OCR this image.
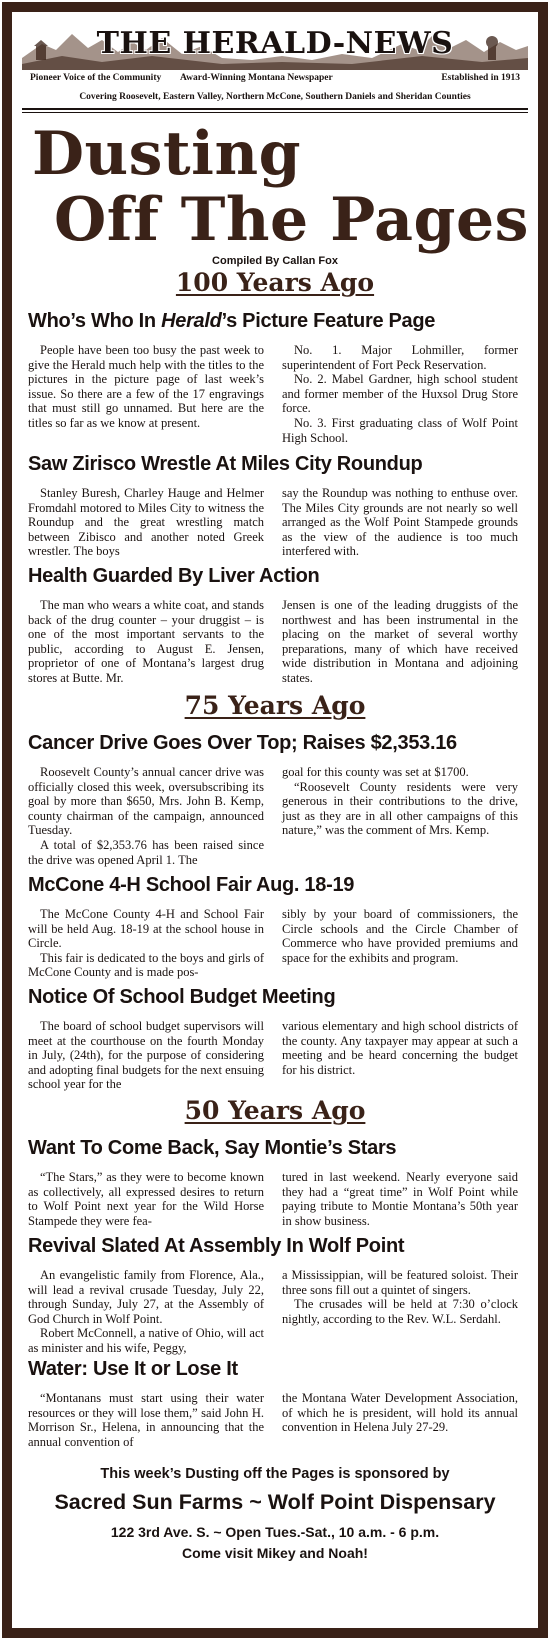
THE HERALD-NEWS
Pioneer Voice of the Community Award-Winning Montana Newspaper	Established in 1913
Covering Roosevelt, Eastern Valley, Northern McCone, Southern Daniels and Sheridan Counties
Dusting
Off The Pages
Compiled By Callan Fox
100 Years Ago
Who’s Who In Herald’s Picture Feature Page

People have been too busy the past week to give the Herald much help with the titles to the pictures in the picture page of last week’s issue. So there are a few of the 17 engravings that must still go unnamed. But here are the titles so far as we know at present.

No. 1. Major Lohmiller, former superintendent of Fort Peck Reservation.

No. 2. Mabel Gardner, high school student and former member of the Huxsol Drug Store force.

No. 3. First graduating class of Wolf Point High School.

Saw Zirisco Wrestle At Miles City Roundup

Stanley Buresh, Charley Hauge and Helmer Fromdahl motored to Miles City to witness the Roundup and the great wrestling match between Zibisco and another noted Greek wrestler. The boys

say the Roundup was nothing to enthuse over. The Miles City grounds are not nearly so well arranged as the Wolf Point Stampede grounds as the view of the audience is too much interfered with.

Health Guarded By Liver Action

The man who wears a white coat, and stands back of the drug counter – your druggist – is one of the most important servants to the public, according to August E. Jensen, proprietor of one of Montana’s largest drug stores at Butte. Mr.

Jensen is one of the leading druggists of the northwest and has been instrumental in the placing on the market of several worthy preparations, many of which have received wide distribution in Montana and adjoining states.

75 Years Ago
Cancer Drive Goes Over Top; Raises $2,353.16

Roosevelt County’s annual cancer drive was officially closed this week, oversubscribing its goal by more than $650, Mrs. John B. Kemp, county chairman of the campaign, announced Tuesday.

A total of $2,353.76 has been raised since the drive was opened April 1. The

goal for this county was set at $1700.

“Roosevelt County residents were very generous in their contributions to the drive, just as they are in all other campaigns of this nature,” was the comment of Mrs. Kemp.

McCone 4-H School Fair Aug. 18-19

The McCone County 4-H and School Fair will be held Aug. 18-19 at the school house in Circle.

This fair is dedicated to the boys and girls of McCone County and is made pos-

sibly by your board of commissioners, the Circle schools and the Circle Chamber of Commerce who have provided premiums and space for the exhibits and program.

Notice Of School Budget Meeting

The board of school budget supervisors will meet at the courthouse on the fourth Monday in July, (24th), for the purpose of considering and adopting final budgets for the next ensuing school year for the

various elementary and high school districts of the county. Any taxpayer may appear at such a meeting and be heard concerning the budget for his district.

50 Years Ago
Want To Come Back, Say Montie’s Stars

“The Stars,” as they were to become known as collectively, all expressed desires to return to Wolf Point next year for the Wild Horse Stampede they were fea-

tured in last weekend. Nearly everyone said they had a “great time” in Wolf Point while paying tribute to Montie Montana’s 50th year in show business.

Revival Slated At Assembly In Wolf Point

An evangelistic family from Florence, Ala., will lead a revival crusade Tuesday, July 22, through Sunday, July 27, at the Assembly of God Church in Wolf Point.

Robert McConnell, a native of Ohio, will act as minister and his wife, Peggy,

a Mississippian, will be featured soloist. Their three sons fill out a quintet of singers.

The crusades will be held at 7:30 o’clock nightly, according to the Rev. W.L. Serdahl.

Water: Use It or Lose It

“Montanans must start using their water resources or they will lose them,” said John H. Morrison Sr., Helena, in announcing that the annual convention of

the Montana Water Development Association, of which he is president, will hold its annual convention in Helena July 27-29.

This week’s Dusting off the Pages is sponsored by
Sacred Sun Farms ~ Wolf Point Dispensary
122 3rd Ave. S. ~ Open Tues.-Sat., 10 a.m. - 6 p.m.
Come visit Mikey and Noah!
